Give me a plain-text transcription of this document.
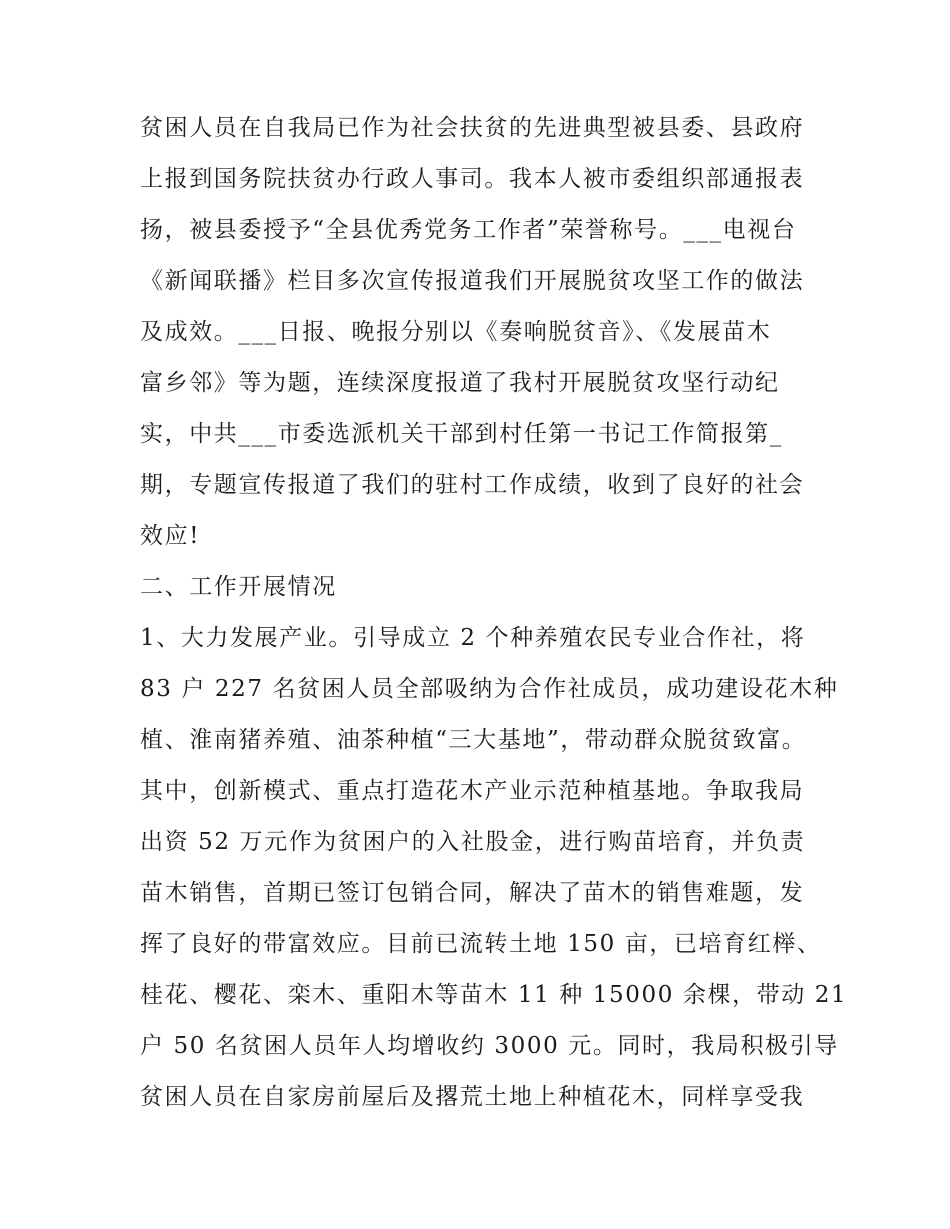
贫困人员在自我局已作为社会扶贫的先进典型被县委、县政府
上报到国务院扶贫办行政人事司。我本人被市委组织部通报表
扬，被县委授予“全县优秀党务工作者”荣誉称号。___电视台
《新闻联播》栏目多次宣传报道我们开展脱贫攻坚工作的做法
及成效。___日报、晚报分别以《奏响脱贫音》、《发展苗木
富乡邻》等为题，连续深度报道了我村开展脱贫攻坚行动纪
实，中共___市委选派机关干部到村任第一书记工作简报第_
期，专题宣传报道了我们的驻村工作成绩，收到了良好的社会
效应!
二、工作开展情况
1、大力发展产业。引导成立 2 个种养殖农民专业合作社，将
83 户 227 名贫困人员全部吸纳为合作社成员，成功建设花木种
植、淮南猪养殖、油茶种植“三大基地”，带动群众脱贫致富。
其中，创新模式、重点打造花木产业示范种植基地。争取我局
出资 52 万元作为贫困户的入社股金，进行购苗培育，并负责
苗木销售，首期已签订包销合同，解决了苗木的销售难题，发
挥了良好的带富效应。目前已流转土地 150 亩，已培育红榉、
桂花、樱花、栾木、重阳木等苗木 11 种 15000 余棵，带动 21
户 50 名贫困人员年人均增收约 3000 元。同时，我局积极引导
贫困人员在自家房前屋后及撂荒土地上种植花木，同样享受我
